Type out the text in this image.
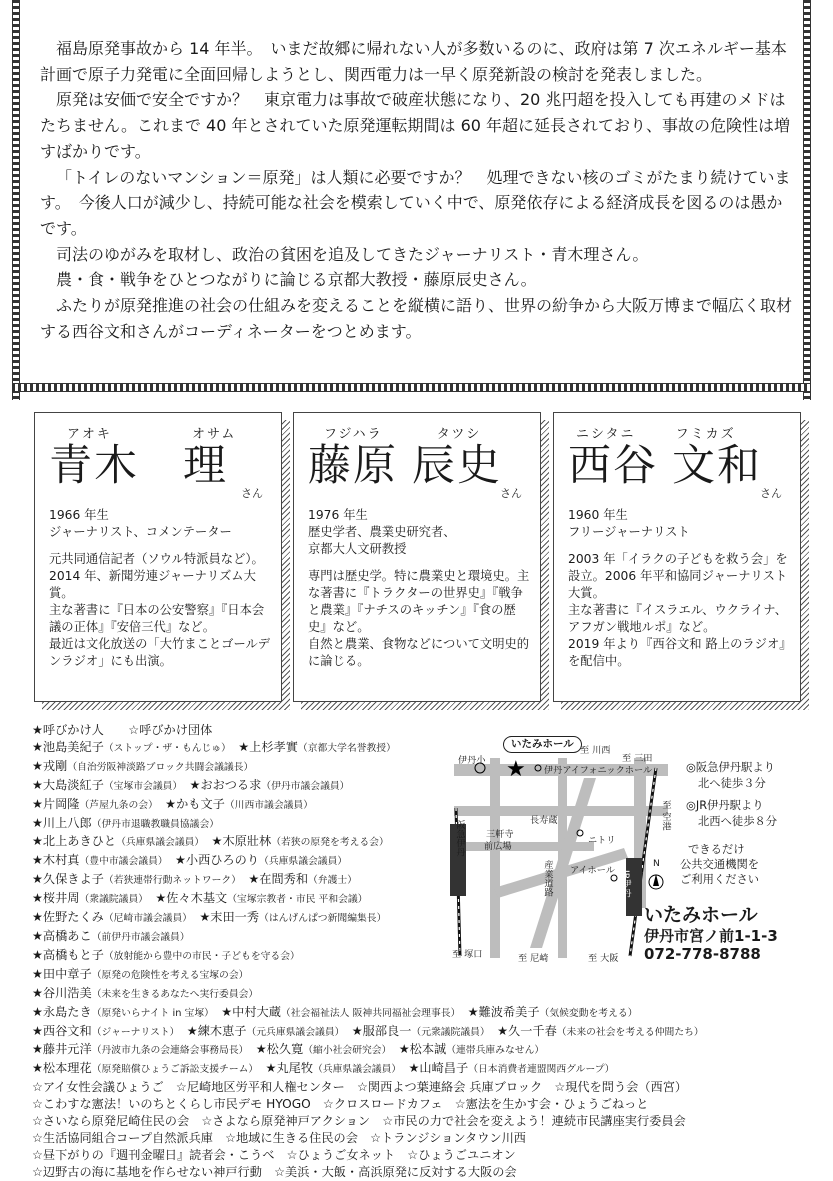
福島原発事故から 14 年半。　いまだ故郷に帰れない人が多数いるのに、政府は第 7 次エネルギー基本計画で原子力発電に全面回帰しようとし、関西電力は一早く原発新設の検討を発表しました。

原発は安価で安全ですか？　東京電力は事故で破産状態になり、20 兆円超を投入しても再建のメドはたちません。これまで 40 年とされていた原発運転期間は 60 年超に延長されており、事故の危険性は増すばかりです。

「トイレのないマンション＝原発」は人類に必要ですか？　処理できない核のゴミがたまり続けています。　今後人口が減少し、持続可能な社会を模索していく中で、原発依存による経済成長を図るのは愚かです。

司法のゆがみを取材し、政治の貧困を追及してきたジャーナリスト・青木理さん。

農・食・戦争をひとつながりに論じる京都大教授・藤原辰史さん。

ふたりが原発推進の社会の仕組みを変えることを縦横に語り、世界の紛争から大阪万博まで幅広く取材する西谷文和さんがコーディネーターをつとめます。

アオキ	オサム
青木 理
さん
1966 年生
ジャーナリスト、コメンテーター
元共同通信記者（ソウル特派員など）。2014 年、新聞労連ジャーナリズム大賞。
主な著書に『日本の公安警察』『日本会議の正体』『安倍三代』など。
最近は文化放送の「大竹まことゴールデンラジオ」にも出演。
フジハラ	タツシ
藤原 辰史
さん
1976 年生
歴史学者、農業史研究者、
京都大人文研教授
専門は歴史学。特に農業史と環境史。主な著書に『トラクターの世界史』『戦争と農業』『ナチスのキッチン』『食の歴史』など。
自然と農業、食物などについて文明史的に論じる。
ニシタニ	フミカズ
西谷 文和
さん
1960 年生
フリージャーナリスト
2003 年「イラクの子どもを救う会」を設立。2006 年平和協同ジャーナリスト大賞。
主な著書に『イスラエル、ウクライナ、アフガン戦地ルポ』など。
2019 年より『西谷文和 路上のラジオ』を配信中。
★呼びかけ人　　 ☆呼びかけ団体
★池島美紀子（ストップ・ザ・もんじゅ）　 ★上杉孝實（京都大学名誉教授）
★戎剛（自治労阪神淡路ブロック共闘会議議長）
★大島淡紅子（宝塚市会議員）　 ★おおつる求（伊丹市議会議員）
★片岡隆（芦屋九条の会）　 ★かも文子（川西市議会議員）
★川上八郎（伊丹市退職教職員協議会）
★北上あきひと（兵庫県議会議員）　 ★木原壯林（若狭の原発を考える会）
★木村真（豊中市議会議員）　 ★小西ひろのり（兵庫県議会議員）
★久保きよ子（若狭連帯行動ネットワーク）　 ★在間秀和（弁護士）
★桜井周（衆議院議員）　 ★佐々木基文（宝塚宗教者・市民 平和会議）
★佐野たくみ（尼崎市議会議員）　 ★末田一秀（はんげんぱつ新聞編集長）
★高橋あこ（前伊丹市議会議員）
★高橋もと子（放射能から豊中の市民・子どもを守る会）
★田中章子（原発の危険性を考える宝塚の会）
★谷川浩美（未来を生きるあなたへ実行委員会）
★永島たき（原発いらナイト in 宝塚）　 ★中村大蔵（社会福祉法人 阪神共同福祉会理事長）　 ★難波希美子（気候変動を考える）
★西谷文和（ジャーナリスト）　 ★練木恵子（元兵庫県議会議員）　 ★服部良一（元衆議院議員）　 ★久一千春（未来の社会を考える仲間たち）
★藤井元洋（丹波市九条の会連絡会事務局長）　 ★松久寛（縮小社会研究会）　 ★松本誠（連帯兵庫みなせん）
★松本理花（原発賠償ひょうご訴訟支援チーム）　 ★丸尾牧（兵庫県議会議員）　 ★山崎昌子（日本消費者連盟関西グループ）
☆アイ女性会議ひょうご　☆尼崎地区労平和人権センター　☆関西よつ葉連絡会 兵庫ブロック　☆現代を問う会（西宮）
☆こわすな憲法！いのちとくらし市民デモ HYOGO　☆クロスロードカフェ　☆憲法を生かす会・ひょうごねっと
☆さいなら原発尼崎住民の会　☆さよなら原発神戸アクション　☆市民の力で社会を変えよう！連続市民講座実行委員会
☆生活協同組合コープ自然派兵庫　☆地域に生きる住民の会　☆トランジションタウン川西
☆昼下がりの『週刊金曜日』読者会・こうべ　☆ひょうご女ネット　☆ひょうごユニオン
☆辺野古の海に基地を作らせない神戸行動　☆美浜・大飯・高浜原発に反対する大阪の会
★
いたみホール
伊丹小
至 川西
至 三田
伊丹アイフォニックホール
阪急伊丹	長寿蔵
三軒寺
前広場
ニトリ
産業道路 アイホール JR伊丹
至 塚口	至 尼崎	至 大阪
至 空港
N
◎阪急伊丹駅より
北へ徒歩３分
◎JR伊丹駅より
北西へ徒歩８分
できるだけ
公共交通機関を
ご利用ください
いたみホール
伊丹市宮ノ前1-1-3
072-778-8788
